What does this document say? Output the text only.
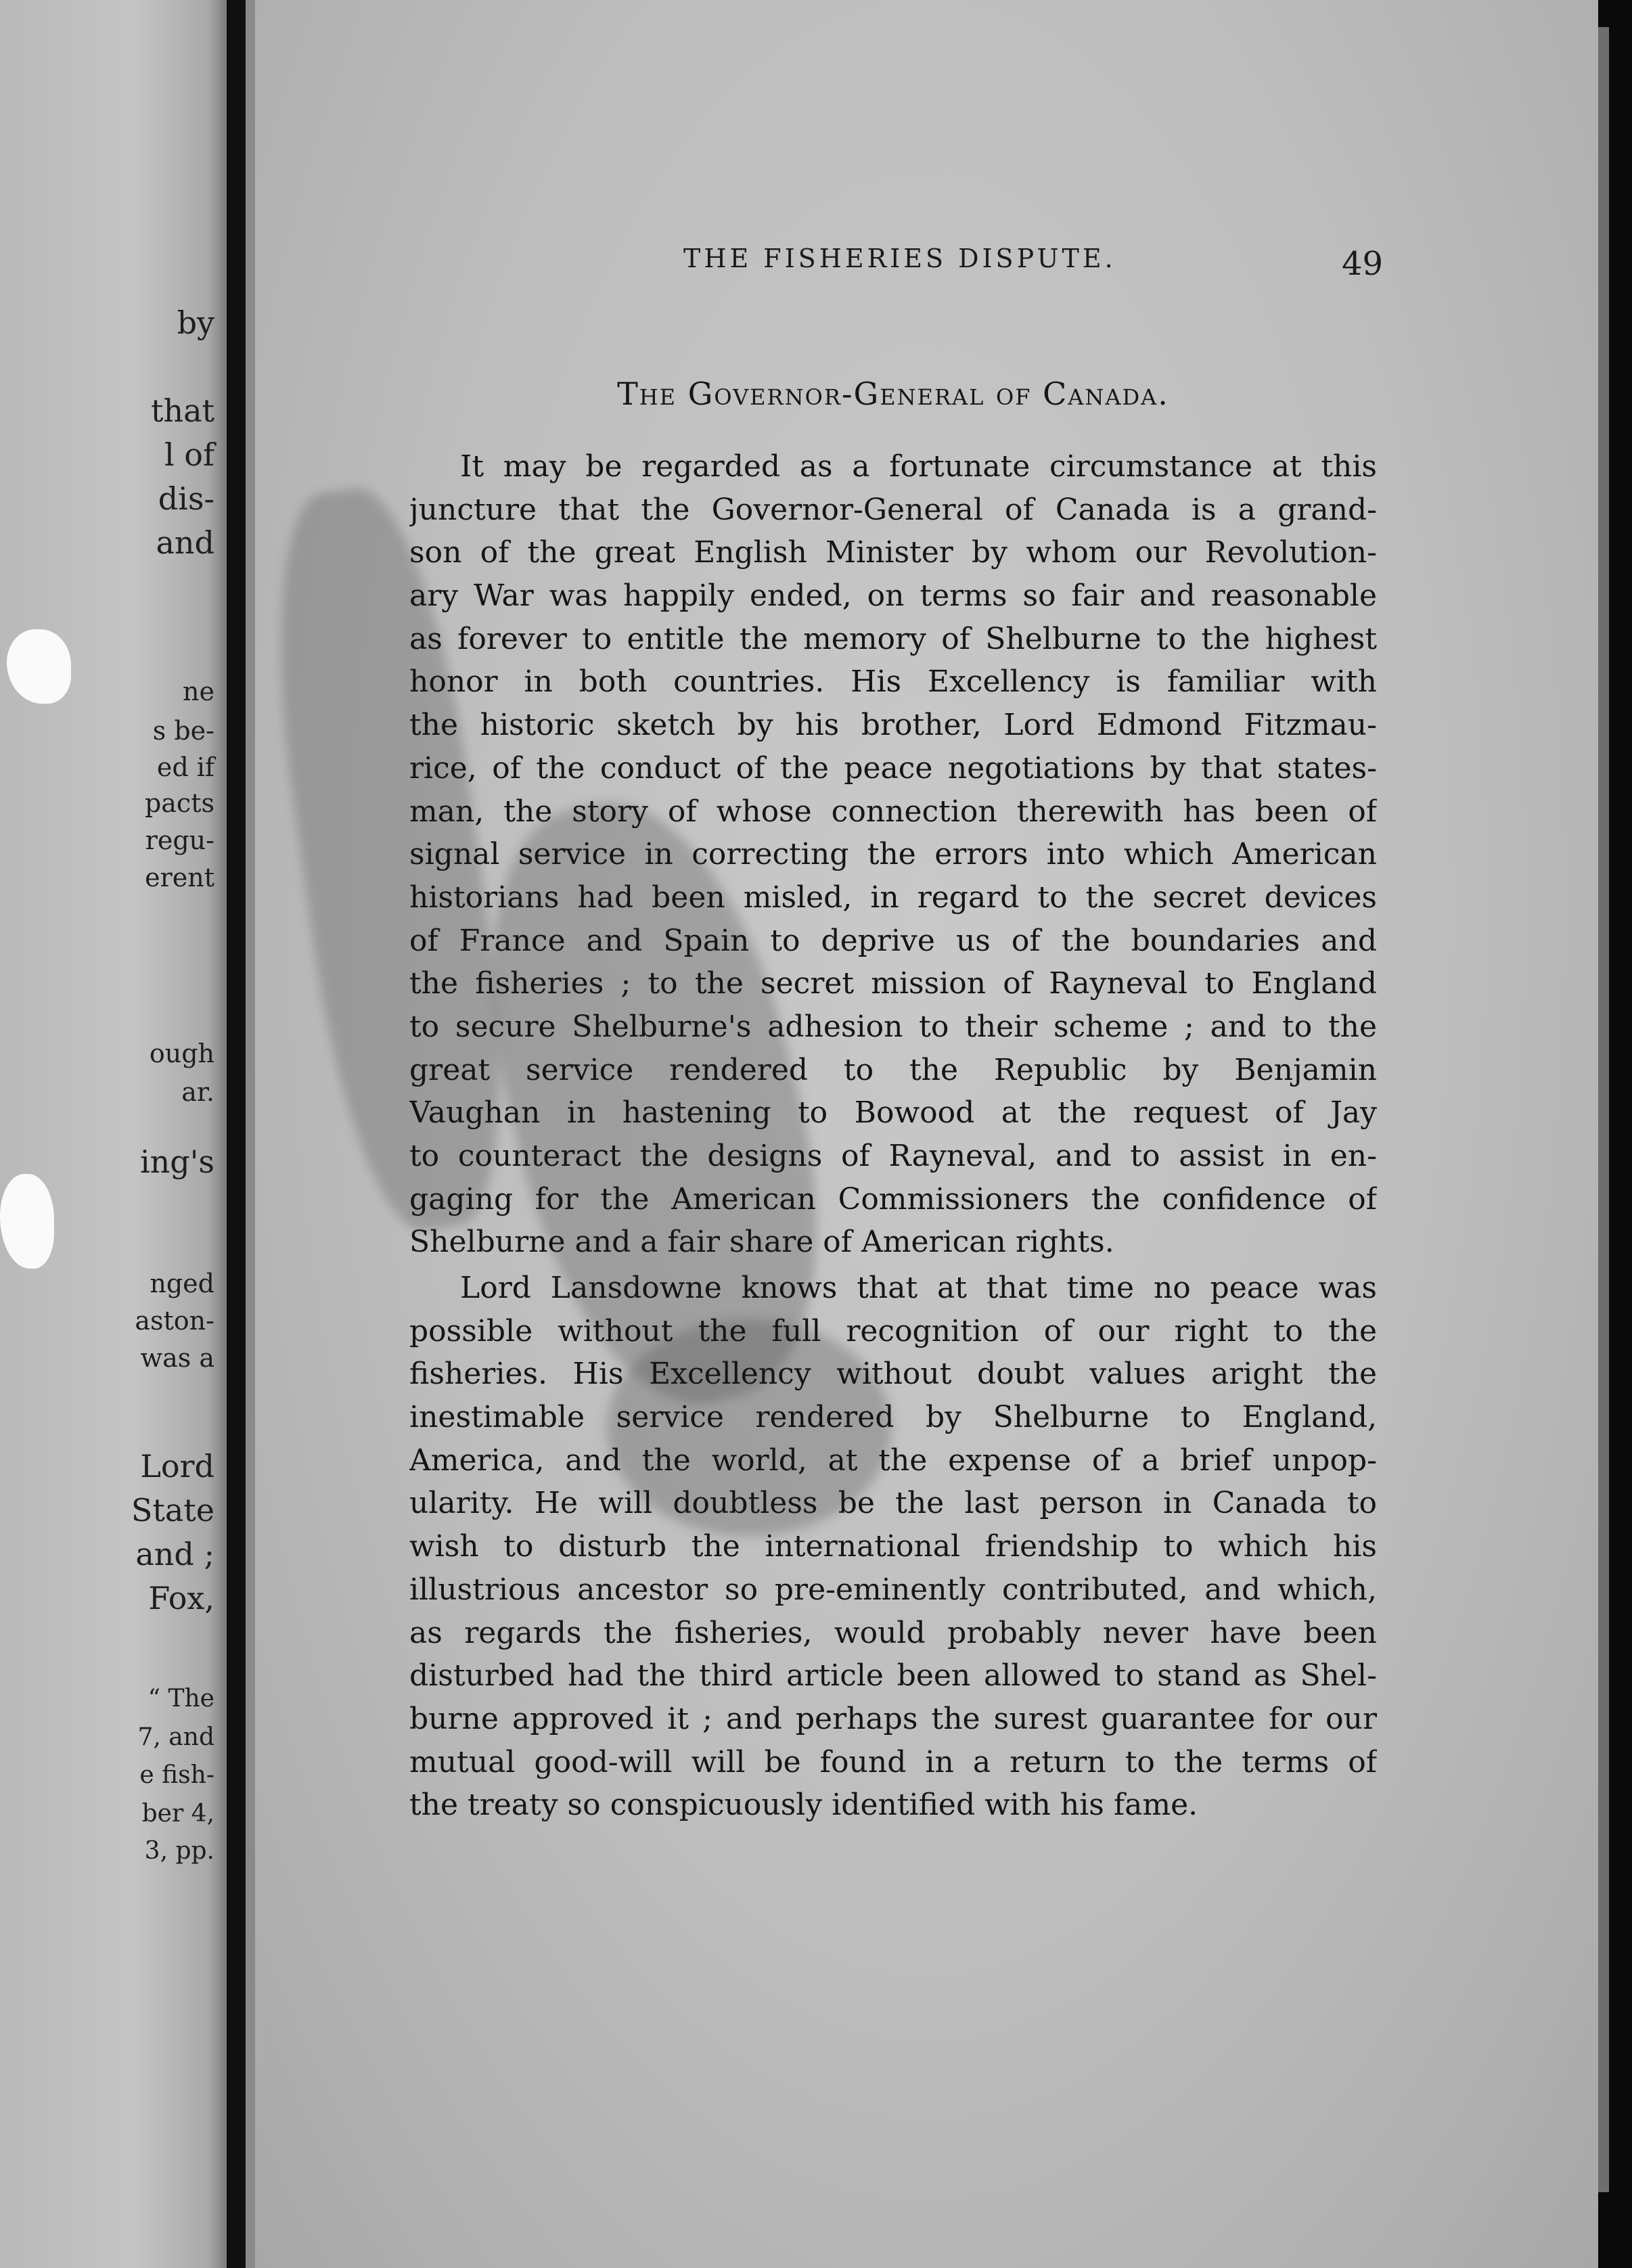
by
that
l of
dis-
and
ne
s be-
ed if
pacts
regu-
erent
ough
ar.
ing's
nged
aston-
was a
Lord
State
and ;
Fox,
“ The
7, and
e fish-
ber 4,
3, pp.
THE FISHERIES DISPUTE.	49
The Governor-General of Canada.
It may be regarded as a fortunate circumstance at this
juncture that the Governor-General of Canada is a grand-
son of the great English Minister by whom our Revolution-
ary War was happily ended, on terms so fair and reasonable
as forever to entitle the memory of Shelburne to the highest
honor in both countries. His Excellency is familiar with
the historic sketch by his brother, Lord Edmond Fitzmau-
rice, of the conduct of the peace negotiations by that states-
man, the story of whose connection therewith has been of
signal service in correcting the errors into which American
historians had been misled, in regard to the secret devices
of France and Spain to deprive us of the boundaries and
the fisheries ; to the secret mission of Rayneval to England
to secure Shelburne's adhesion to their scheme ; and to the
great service rendered to the Republic by Benjamin
Vaughan in hastening to Bowood at the request of Jay
to counteract the designs of Rayneval, and to assist in en-
gaging for the American Commissioners the confidence of
Shelburne and a fair share of American rights.
Lord Lansdowne knows that at that time no peace was
possible without the full recognition of our right to the
fisheries. His Excellency without doubt values aright the
inestimable service rendered by Shelburne to England,
America, and the world, at the expense of a brief unpop-
ularity. He will doubtless be the last person in Canada to
wish to disturb the international friendship to which his
illustrious ancestor so pre-eminently contributed, and which,
as regards the fisheries, would probably never have been
disturbed had the third article been allowed to stand as Shel-
burne approved it ; and perhaps the surest guarantee for our
mutual good-will will be found in a return to the terms of
the treaty so conspicuously identified with his fame.
